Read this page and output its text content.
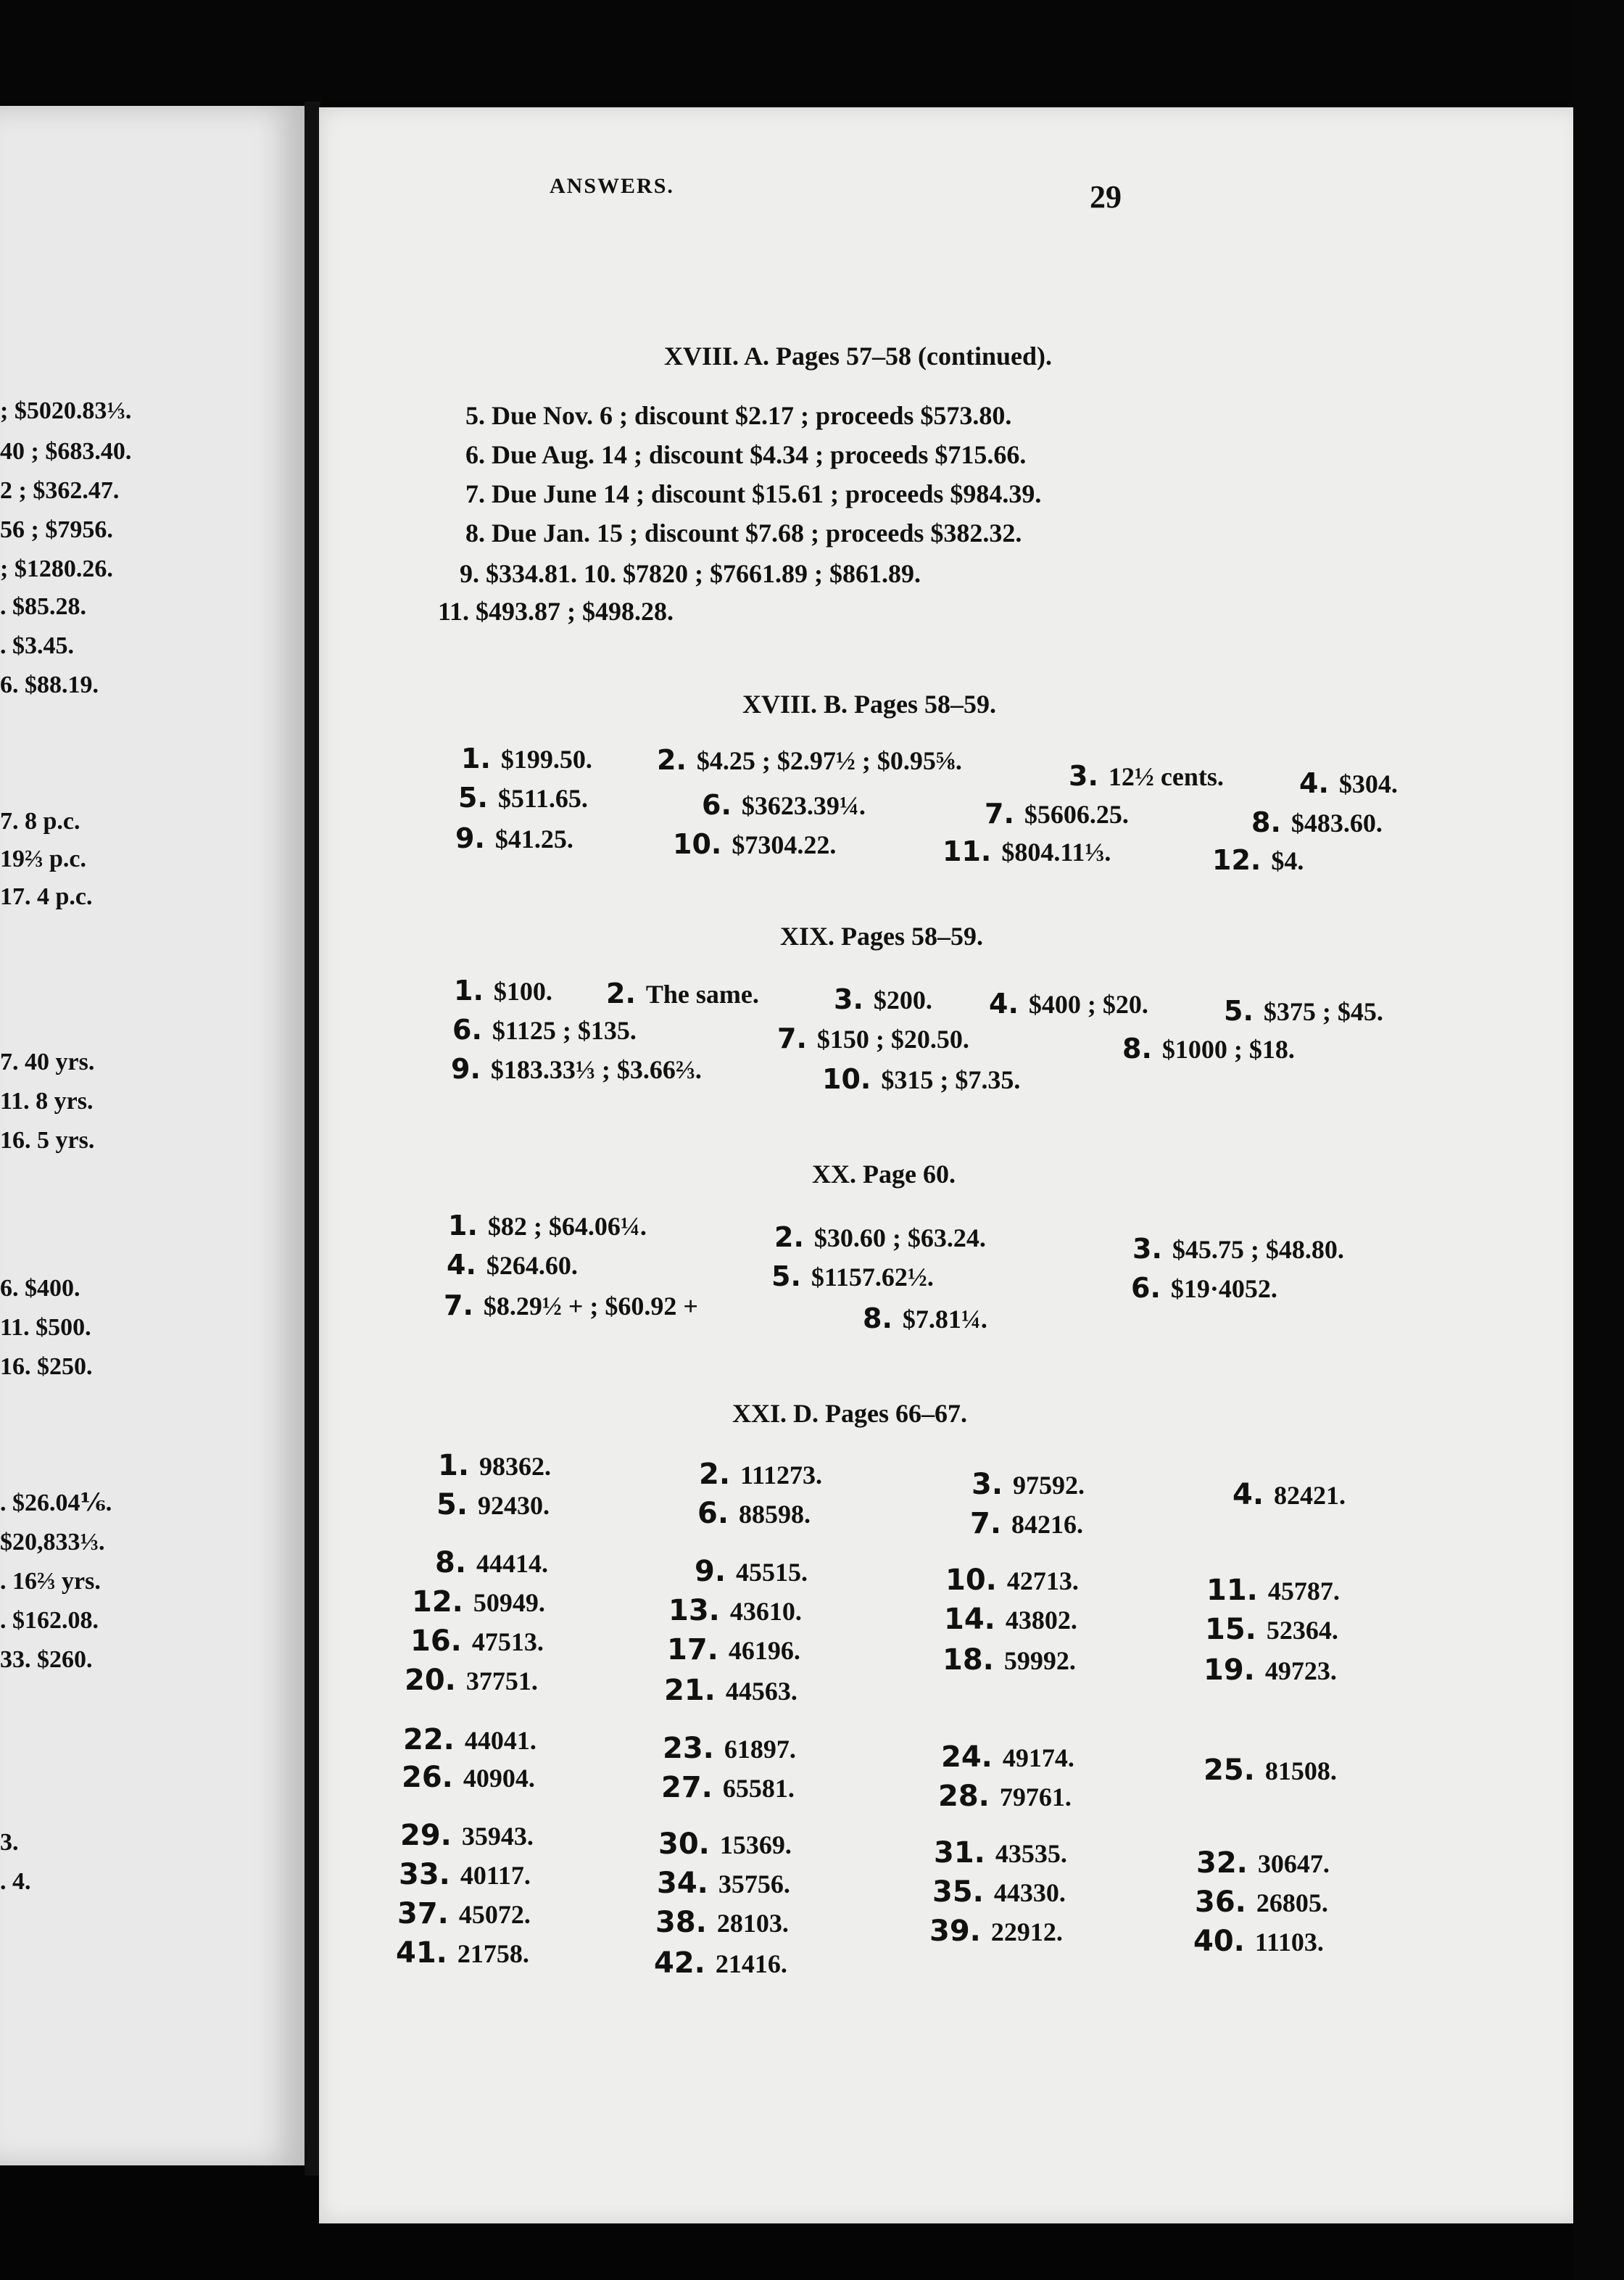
; $5020.83⅓.
40 ; $683.40.
2 ; $362.47.
56 ; $7956.
; $1280.26.
. $85.28.
. $3.45.
6. $88.19.
7. 8 p.c.
19⅔ p.c.
17. 4 p.c.
7. 40 yrs.
11. 8 yrs.
16. 5 yrs.
6. $400.
11. $500.
16. $250.
. $26.04⅙.
$20,833⅓.
. 16⅔ yrs.
. $162.08.
33. $260.
3.
. 4.
ANSWERS.	29
XVIII. A. Pages 57–58 (continued).
5. Due Nov. 6 ; discount $2.17 ; proceeds $573.80.
6. Due Aug. 14 ; discount $4.34 ; proceeds $715.66.
7. Due June 14 ; discount $15.61 ; proceeds $984.39.
8. Due Jan. 15 ; discount $7.68 ; proceeds $382.32.
9. $334.81. 10. $7820 ; $7661.89 ; $861.89.
11. $493.87 ; $498.28.
XVIII. B. Pages 58–59.
1. $199.50. 2. $4.25 ; $2.97½ ; $0.95⅝.	3. 12½ cents.	4. $304.
5. $511.65.	6. $3623.39¼.	7. $5606.25.	8. $483.60.
9. $41.25.	10. $7304.22.	11. $804.11⅓.	12. $4.
XIX. Pages 58–59.
1. $100. 2. The same.	3. $200. 4. $400 ; $20.	5. $375 ; $45.
6. $1125 ; $135.	7. $150 ; $20.50.	8. $1000 ; $18.
9. $183.33⅓ ; $3.66⅔.	10. $315 ; $7.35.
XX. Page 60.
1. $82 ; $64.06¼.	2. $30.60 ; $63.24.	3. $45.75 ; $48.80.
4. $264.60.	5. $1157.62½.	6. $19·4052.
7. $8.29½ + ; $60.92 +	8. $7.81¼.
XXI. D. Pages 66–67.
1. 98362.	2. 111273.	3. 97592.	4. 82421.
5. 92430.	6. 88598.	7. 84216.
8. 44414.	9. 45515.	10. 42713.	11. 45787.
12. 50949.	13. 43610.	14. 43802.	15. 52364.
16. 47513.	17. 46196.	18. 59992.	19. 49723.
20. 37751.	21. 44563.
22. 44041.	23. 61897.	24. 49174.	25. 81508.
26. 40904.	27. 65581.	28. 79761.
29. 35943.	30. 15369.	31. 43535.	32. 30647.
33. 40117.	34. 35756.	35. 44330.	36. 26805.
37. 45072.	38. 28103.	39. 22912.	40. 11103.
41. 21758.	42. 21416.
